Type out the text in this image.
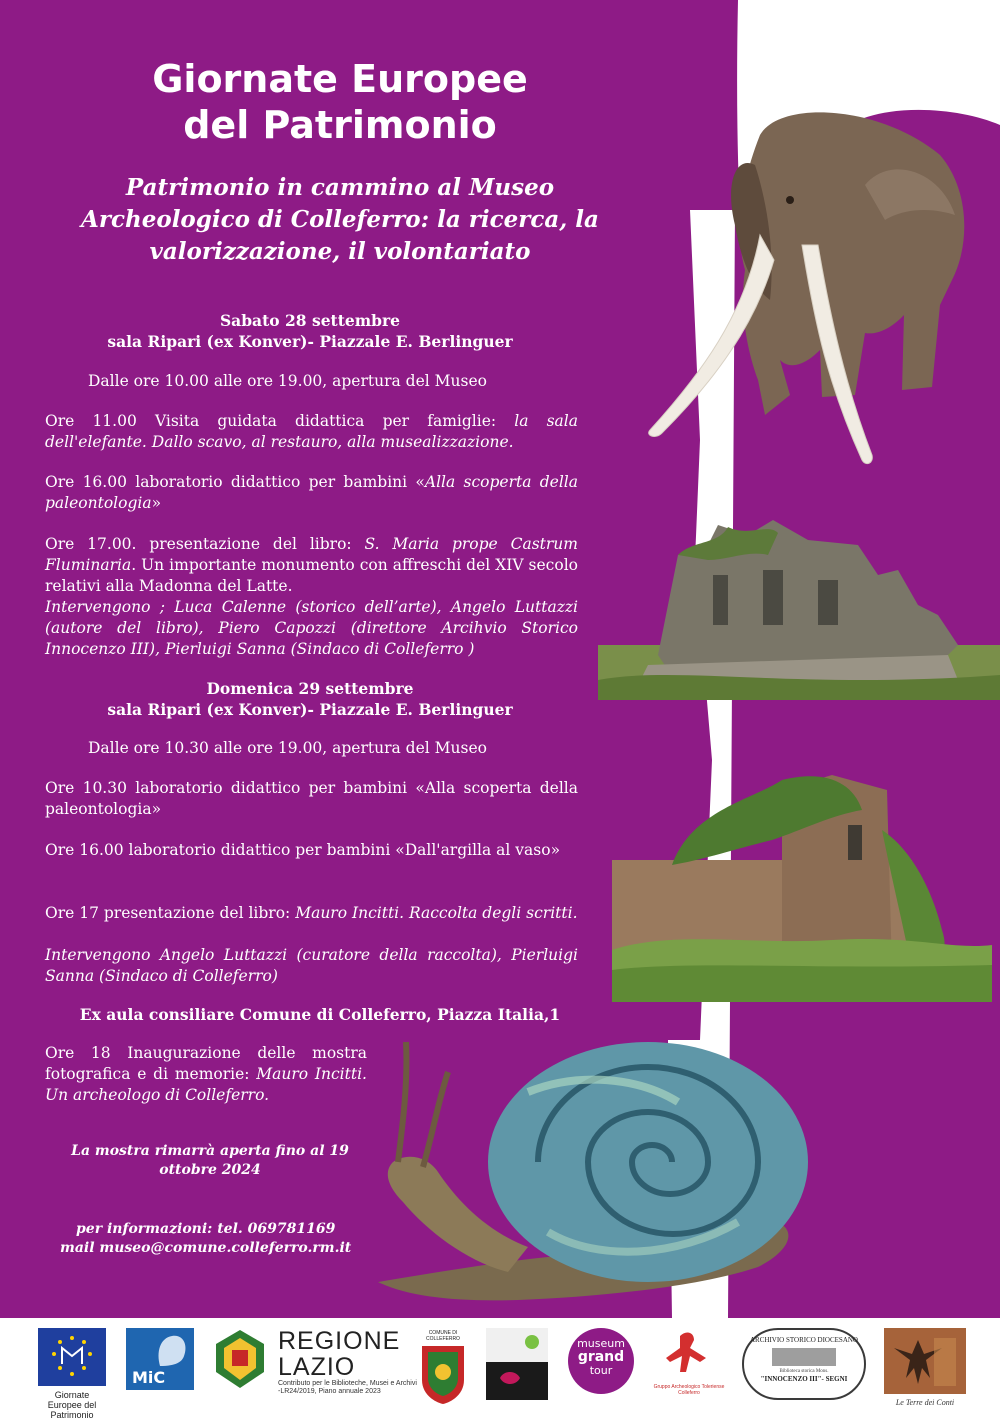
Giornate Europee
del Patrimonio
Patrimonio in cammino al Museo
Archeologico di Colleferro: la ricerca, la
valorizzazione, il volontariato
Sabato 28 settembre
sala Ripari (ex Konver)- Piazzale E. Berlinguer

Dalle ore 10.00 alle ore 19.00, apertura del Museo

Ore 11.00 Visita guidata didattica per famiglie: la sala dell'elefante. Dallo scavo, al restauro, alla musealizzazione.

Ore 16.00 laboratorio didattico per bambini «Alla scoperta della paleontologia»

Ore 17.00. presentazione del libro: S. Maria prope Castrum Fluminaria. Un importante monumento con affreschi del XIV secolo relativi alla Madonna del Latte.

Intervengono ; Luca Calenne (storico dell’arte), Angelo Luttazzi (autore del libro), Piero Capozzi (direttore Arcihvio Storico Innocenzo III), Pierluigi Sanna (Sindaco di Colleferro )

Domenica 29 settembre
sala Ripari (ex Konver)- Piazzale E. Berlinguer

Dalle ore 10.30 alle ore 19.00, apertura del Museo

Ore 10.30 laboratorio didattico per bambini «Alla scoperta della paleontologia»

Ore 16.00 laboratorio didattico per bambini «Dall'argilla al vaso»

Ore 17 presentazione del libro: Mauro Incitti. Raccolta degli scritti.

Intervengono Angelo Luttazzi (curatore della raccolta), Pierluigi Sanna (Sindaco di Colleferro)

Ex aula consiliare Comune di Colleferro, Piazza Italia,1

Ore 18 Inaugurazione delle mostra fotografica e di memorie: Mauro Incitti. Un archeologo di Colleferro.

La mostra rimarrà aperta fino al 19 ottobre 2024

per informazioni: tel. 069781169
mail museo@comune.colleferro.rm.it
Giornate Europee del Patrimonio
MiC
REGIONE
LAZIO
Contributo per le Biblioteche, Musei e Archivi -LR24/2019, Piano annuale 2023
COMUNE DI COLLEFERRO	museum
grand
tour
Gruppo Archeologico Toleriense Colleferro
ARCHIVIO STORICO DIOCESANO
Biblioteca storica Mons.
"INNOCENZO III"- SEGNI
Le Terre dei Conti
